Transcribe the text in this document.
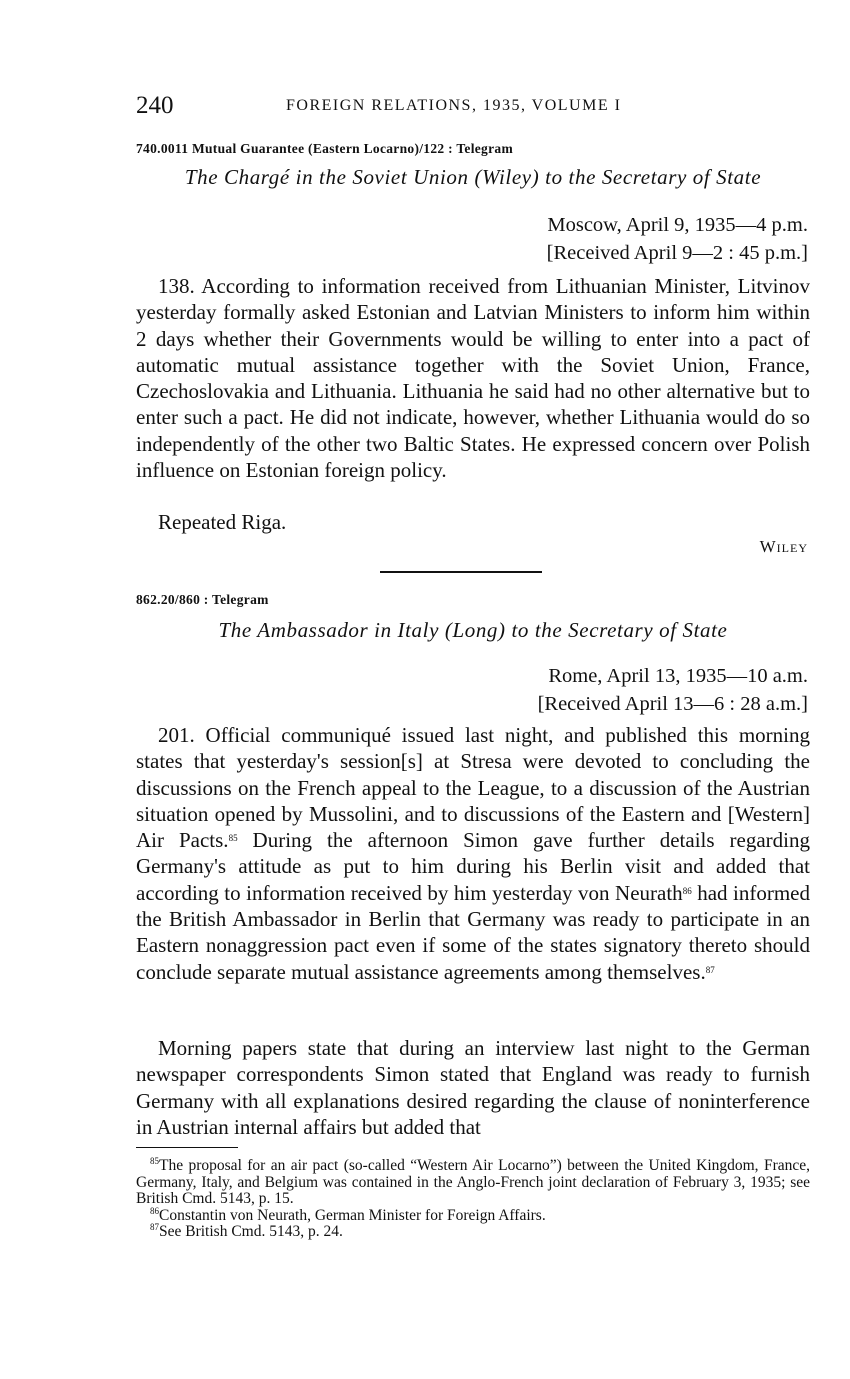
240	FOREIGN RELATIONS, 1935, VOLUME I
740.0011 Mutual Guarantee (Eastern Locarno)/122 : Telegram
The Chargé in the Soviet Union (Wiley) to the Secretary of State
Moscow, April 9, 1935—4 p.m.
[Received April 9—2 : 45 p.m.]

138. According to information received from Lithuanian Minister, Litvinov yesterday formally asked Estonian and Latvian Ministers to inform him within 2 days whether their Governments would be willing to enter into a pact of automatic mutual assistance together with the Soviet Union, France, Czechoslovakia and Lithuania. Lithuania he said had no other alternative but to enter such a pact. He did not indicate, however, whether Lithuania would do so independently of the other two Baltic States. He expressed concern over Polish influence on Estonian foreign policy.

Repeated Riga.

Wiley
862.20/860 : Telegram
The Ambassador in Italy (Long) to the Secretary of State
Rome, April 13, 1935—10 a.m.
[Received April 13—6 : 28 a.m.]

201. Official communiqué issued last night, and published this morning states that yesterday's session[s] at Stresa were devoted to concluding the discussions on the French appeal to the League, to a discussion of the Austrian situation opened by Mussolini, and to discussions of the Eastern and [Western] Air Pacts.$^{85}$ During the afternoon Simon gave further details regarding Germany's attitude as put to him during his Berlin visit and added that according to information received by him yesterday von Neurath$^{86}$ had informed the British Ambassador in Berlin that Germany was ready to participate in an Eastern nonaggression pact even if some of the states signatory thereto should conclude separate mutual assistance agreements among themselves.$^{87}$

Morning papers state that during an interview last night to the German newspaper correspondents Simon stated that England was ready to furnish Germany with all explanations desired regarding the clause of noninterference in Austrian internal affairs but added that

$^{85}$The proposal for an air pact (so-called “Western Air Locarno”) between the United Kingdom, France, Germany, Italy, and Belgium was contained in the Anglo-French joint declaration of February 3, 1935; see British Cmd. 5143, p. 15.

$^{86}$Constantin von Neurath, German Minister for Foreign Affairs.

$^{87}$See British Cmd. 5143, p. 24.
